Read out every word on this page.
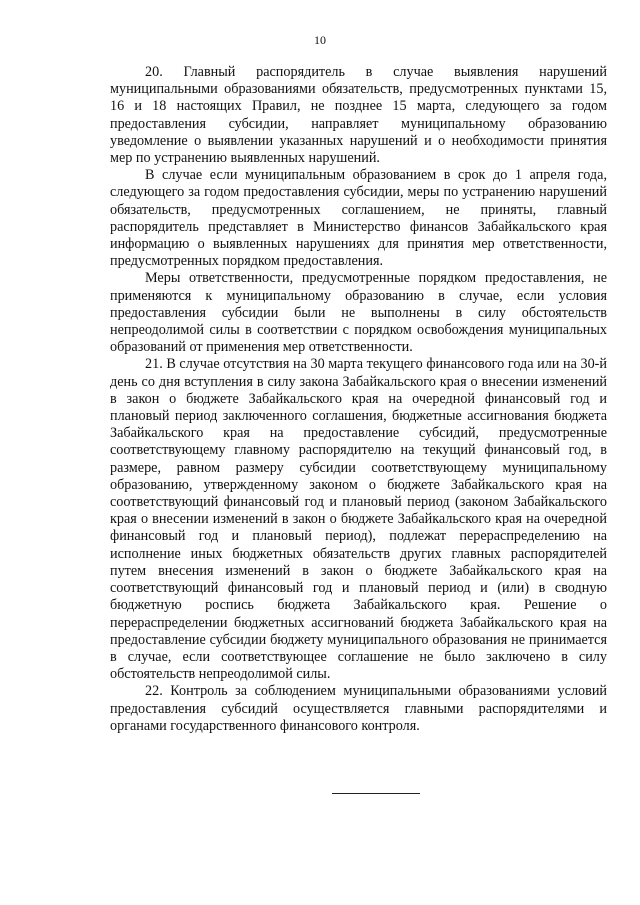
10

20. Главный распорядитель в случае выявления нарушений муниципальными образованиями обязательств, предусмотренных пунктами 15, 16 и 18 настоящих Правил, не позднее 15 марта, следующего за годом предоставления субсидии, направляет муниципальному образованию уведомление о выявлении указанных нарушений и о необходимости принятия мер по устранению выявленных нарушений.

В случае если муниципальным образованием в срок до 1 апреля года, следующего за годом предоставления субсидии, меры по устранению нарушений обязательств, предусмотренных соглашением, не приняты, главный распорядитель представляет в Министерство финансов Забайкальского края информацию о выявленных нарушениях для принятия мер ответственности, предусмотренных порядком предоставления.

Меры ответственности, предусмотренные порядком предоставления, не применяются к муниципальному образованию в случае, если условия предоставления субсидии были не выполнены в силу обстоятельств непреодолимой силы в соответствии с порядком освобождения муниципальных образований от применения мер ответственности.

21. В случае отсутствия на 30 марта текущего финансового года или на 30-й день со дня вступления в силу закона Забайкальского края о внесении изменений в закон о бюджете Забайкальского края на очередной финансовый год и плановый период заключенного соглашения, бюджетные ассигнования бюджета Забайкальского края на предоставление субсидий, предусмотренные соответствующему главному распорядителю на текущий финансовый год, в размере, равном размеру субсидии соответствующему муниципальному образованию, утвержденному законом о бюджете Забайкальского края на соответствующий финансовый год и плановый период (законом Забайкальского края о внесении изменений в закон о бюджете Забайкальского края на очередной финансовый год и плановый период), подлежат перераспределению на исполнение иных бюджетных обязательств других главных распорядителей путем внесения изменений в закон о бюджете Забайкальского края на соответствующий финансовый год и плановый период и (или) в сводную бюджетную роспись бюджета Забайкальского края. Решение о перераспределении бюджетных ассигнований бюджета Забайкальского края на предоставление субсидии бюджету муниципального образования не принимается в случае, если соответствующее соглашение не было заключено в силу обстоятельств непреодолимой силы.

22. Контроль за соблюдением муниципальными образованиями условий предоставления субсидий осуществляется главными распорядителями и органами государственного финансового контроля.
